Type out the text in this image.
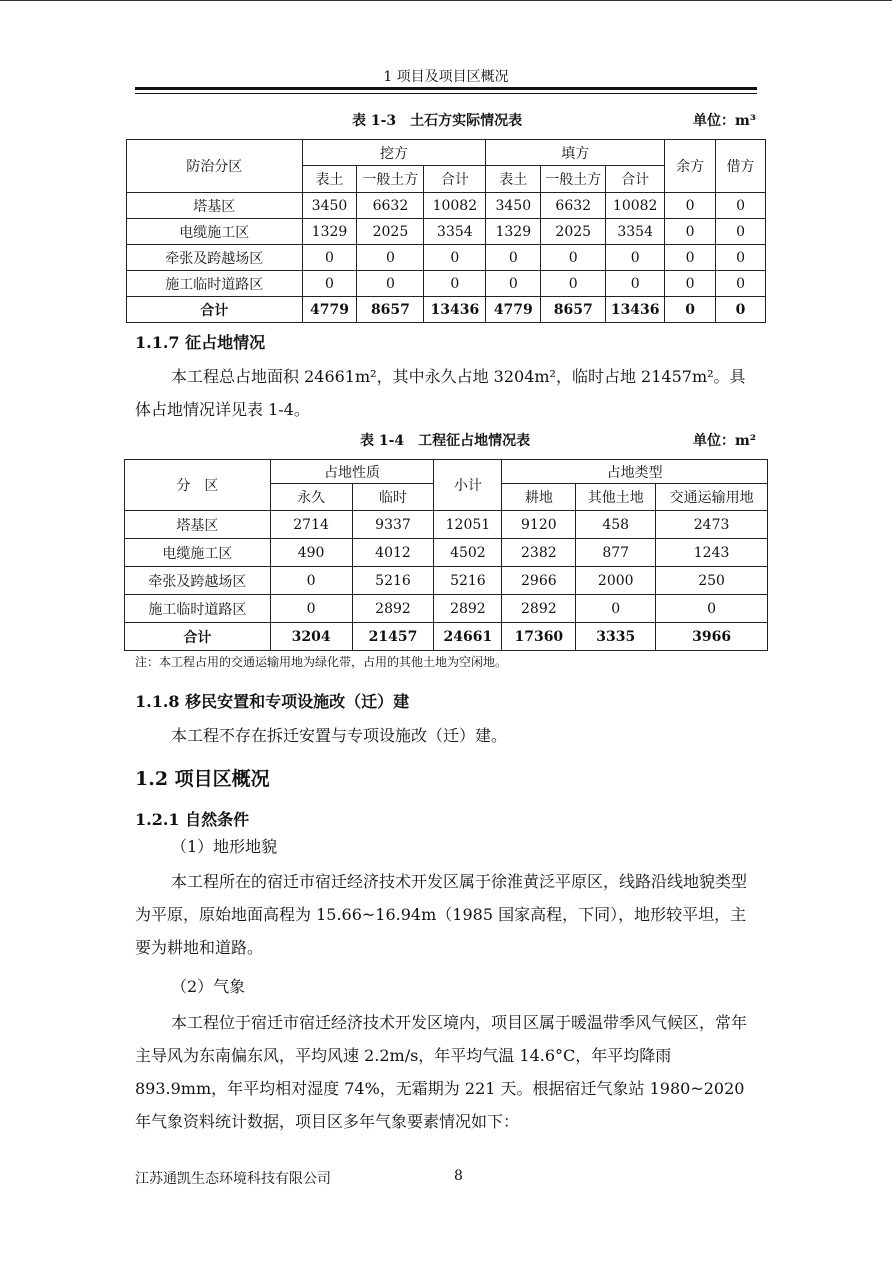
1 项目及项目区概况
表 1-3　土石方实际情况表	单位：m³
防治分区	挖方			填方			余方	借方
	表土	一般土方	合计	表土	一般土方	合计		
塔基区	3450	6632	10082	3450	6632	10082	0	0
电缆施工区	1329	2025	3354	1329	2025	3354	0	0
牵张及跨越场区	0	0	0	0	0	0	0	0
施工临时道路区	0	0	0	0	0	0	0	0
合计	4779	8657	13436	4779	8657	13436	0	0
1.1.7 征占地情况

本工程总占地面积 24661m²，其中永久占地 3204m²，临时占地 21457m²。具体占地情况详见表 1-4。

表 1-4　工程征占地情况表	单位：m²
分　区	占地性质		小计	占地类型		
	永久	临时		耕地	其他土地	交通运输用地
塔基区	2714	9337	12051	9120	458	2473
电缆施工区	490	4012	4502	2382	877	1243
牵张及跨越场区	0	5216	5216	2966	2000	250
施工临时道路区	0	2892	2892	2892	0	0
合计	3204	21457	24661	17360	3335	3966
注：本工程占用的交通运输用地为绿化带，占用的其他土地为空闲地。
1.1.8 移民安置和专项设施改（迁）建

本工程不存在拆迁安置与专项设施改（迁）建。

1.2 项目区概况
1.2.1 自然条件

（1）地形地貌

本工程所在的宿迁市宿迁经济技术开发区属于徐淮黄泛平原区，线路沿线地貌类型为平原，原始地面高程为 15.66~16.94m（1985 国家高程，下同），地形较平坦，主要为耕地和道路。

（2）气象

本工程位于宿迁市宿迁经济技术开发区境内，项目区属于暖温带季风气候区，常年主导风为东南偏东风，平均风速 2.2m/s，年平均气温 14.6°C，年平均降雨 893.9mm，年平均相对湿度 74%，无霜期为 221 天。根据宿迁气象站 1980~2020 年气象资料统计数据，项目区多年气象要素情况如下：

江苏通凯生态环境科技有限公司	8
